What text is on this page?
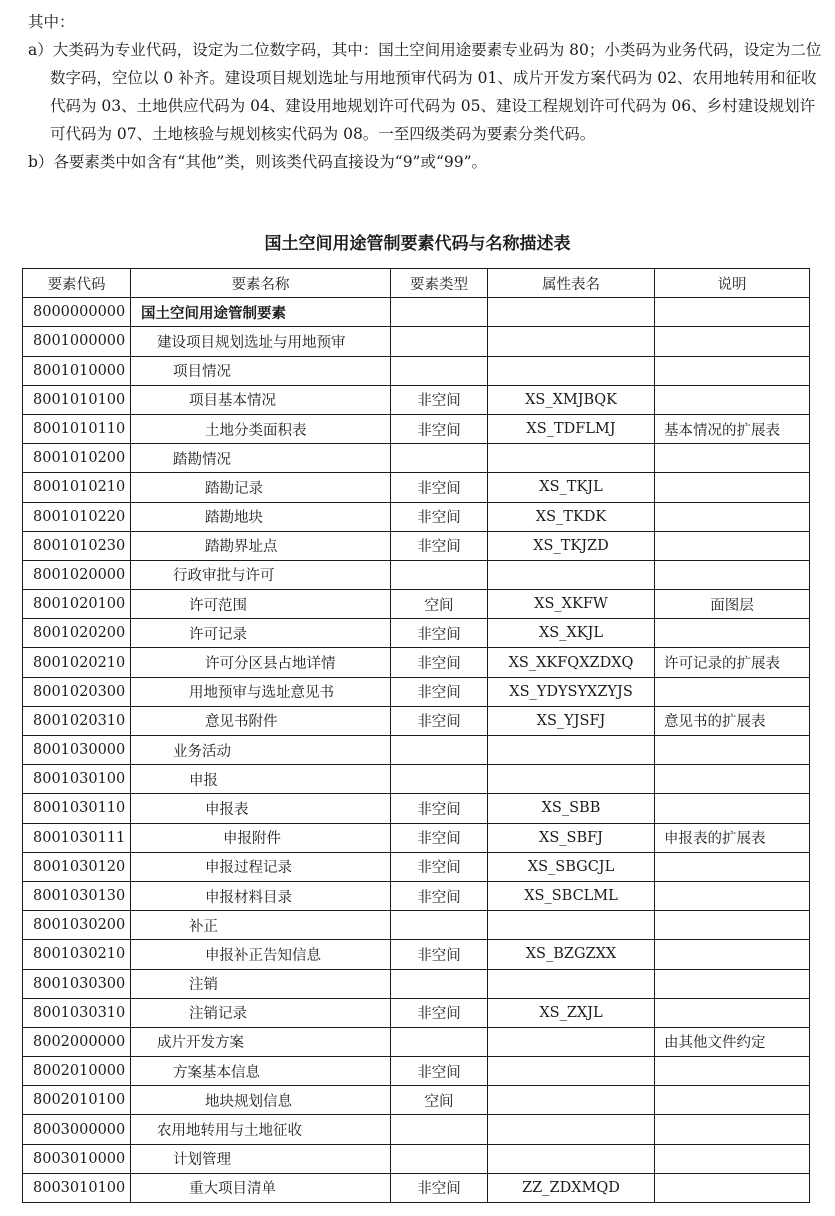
其中：

a）大类码为专业代码，设定为二位数字码，其中：国土空间用途要素专业码为 80；小类码为业务代码，设定为二位数字码，空位以 0 补齐。建设项目规划选址与用地预审代码为 01、成片开发方案代码为 02、农用地转用和征收代码为 03、土地供应代码为 04、建设用地规划许可代码为 05、建设工程规划许可代码为 06、乡村建设规划许可代码为 07、土地核验与规划核实代码为 08。一至四级类码为要素分类代码。

b）各要素类中如含有“其他”类，则该类代码直接设为“9”或“99”。

国土空间用途管制要素代码与名称描述表
要素代码	要素名称	要素类型	属性表名	说明
8000000000	国土空间用途管制要素			
8001000000	建设项目规划选址与用地预审			
8001010000	项目情况			
8001010100	项目基本情况	非空间	XS_XMJBQK	
8001010110	土地分类面积表	非空间	XS_TDFLMJ	基本情况的扩展表
8001010200	踏勘情况			
8001010210	踏勘记录	非空间	XS_TKJL	
8001010220	踏勘地块	非空间	XS_TKDK	
8001010230	踏勘界址点	非空间	XS_TKJZD	
8001020000	行政审批与许可			
8001020100	许可范围	空间	XS_XKFW	面图层
8001020200	许可记录	非空间	XS_XKJL	
8001020210	许可分区县占地详情	非空间	XS_XKFQXZDXQ	许可记录的扩展表
8001020300	用地预审与选址意见书	非空间	XS_YDYSYXZYJS	
8001020310	意见书附件	非空间	XS_YJSFJ	意见书的扩展表
8001030000	业务活动			
8001030100	申报			
8001030110	申报表	非空间	XS_SBB	
8001030111	申报附件	非空间	XS_SBFJ	申报表的扩展表
8001030120	申报过程记录	非空间	XS_SBGCJL	
8001030130	申报材料目录	非空间	XS_SBCLML	
8001030200	补正			
8001030210	申报补正告知信息	非空间	XS_BZGZXX	
8001030300	注销			
8001030310	注销记录	非空间	XS_ZXJL	
8002000000	成片开发方案			由其他文件约定
8002010000	方案基本信息	非空间		
8002010100	地块规划信息	空间		
8003000000	农用地转用与土地征收			
8003010000	计划管理			
8003010100	重大项目清单	非空间	ZZ_ZDXMQD	
